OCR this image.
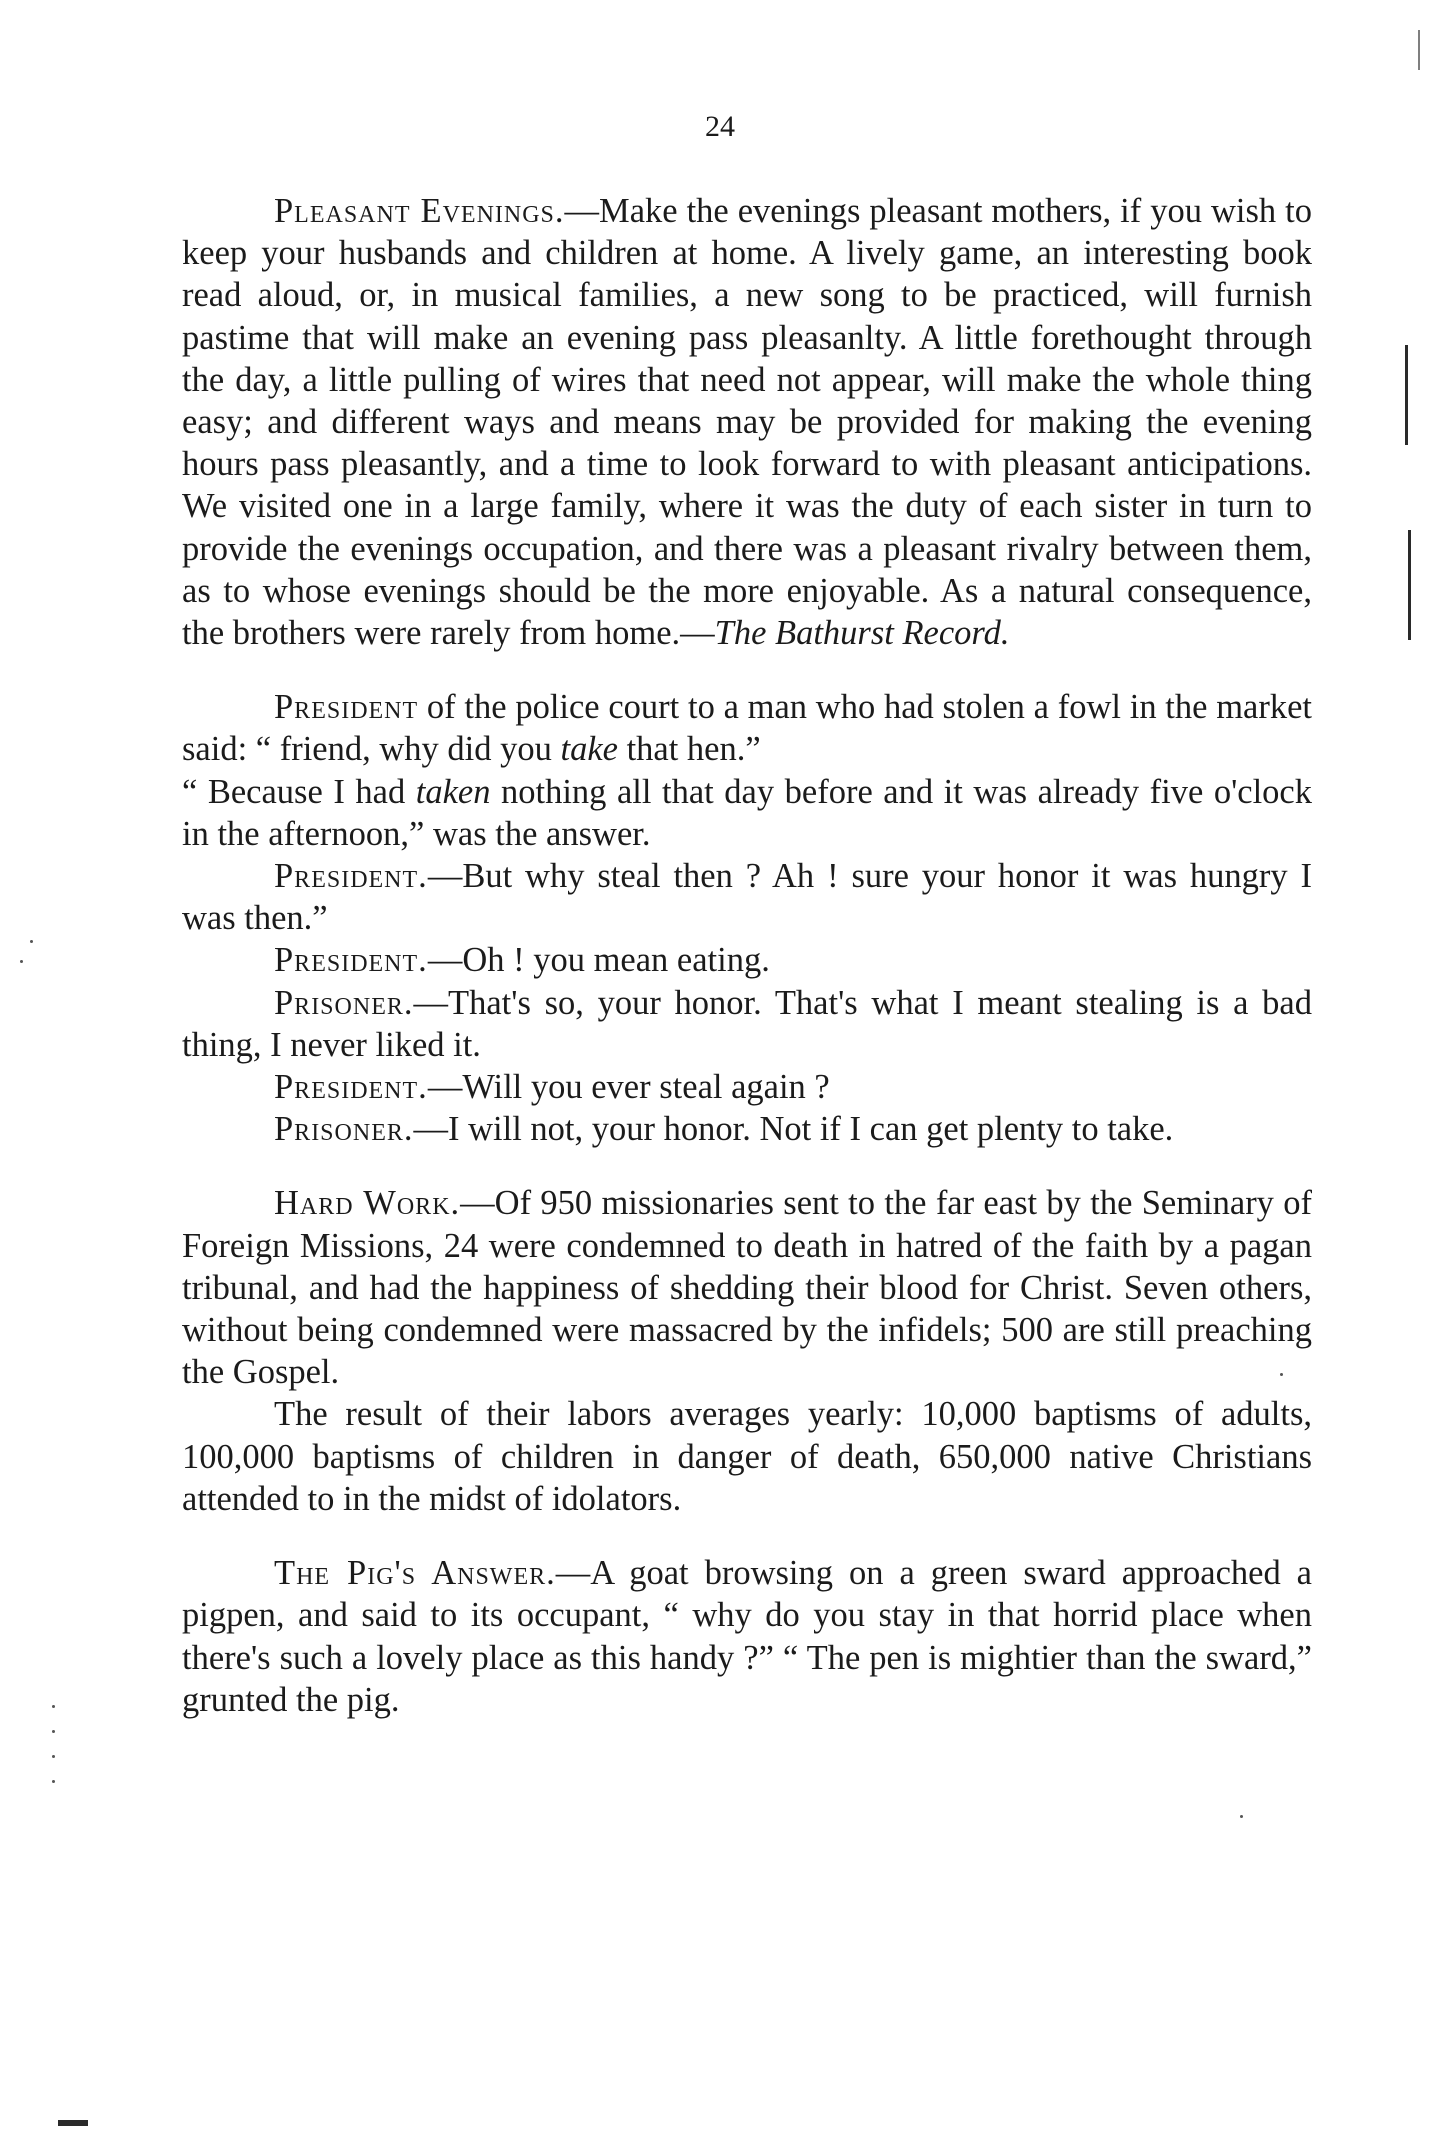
24

Pleasant Evenings.—Make the evenings pleasant mothers, if you wish to keep your husbands and children at home. A lively game, an interesting book read aloud, or, in musical families, a new song to be practiced, will furnish pastime that will make an evening pass pleasanlty. A little forethought through the day, a little pulling of wires that need not appear, will make the whole thing easy; and different ways and means may be provided for making the evening hours pass pleasantly, and a time to look forward to with pleasant anticipations. We visited one in a large family, where it was the duty of each sister in turn to provide the evenings occupation, and there was a pleasant rivalry between them, as to whose evenings should be the more enjoyable. As a natural consequence, the brothers were rarely from home.—The Bathurst Record.

President of the police court to a man who had stolen a fowl in the market said: “ friend, why did you take that hen.”

“ Because I had taken nothing all that day before and it was already five o'clock in the afternoon,” was the answer.

President.—But why steal then ? Ah ! sure your honor it was hungry I was then.”

President.—Oh ! you mean eating.

Prisoner.—That's so, your honor. That's what I meant stealing is a bad thing, I never liked it.

President.—Will you ever steal again ?

Prisoner.—I will not, your honor. Not if I can get plenty to take.

Hard Work.—Of 950 missionaries sent to the far east by the Seminary of Foreign Missions, 24 were condemned to death in hatred of the faith by a pagan tribunal, and had the happiness of shedding their blood for Christ. Seven others, without being condemned were massacred by the infidels; 500 are still preaching the Gospel.

The result of their labors averages yearly: 10,000 baptisms of adults, 100,000 baptisms of children in danger of death, 650,000 native Christians attended to in the midst of idolators.

The Pig's Answer.—A goat browsing on a green sward approached a pigpen, and said to its occupant, “ why do you stay in that horrid place when there's such a lovely place as this handy ?” “ The pen is mightier than the sward,” grunted the pig.
